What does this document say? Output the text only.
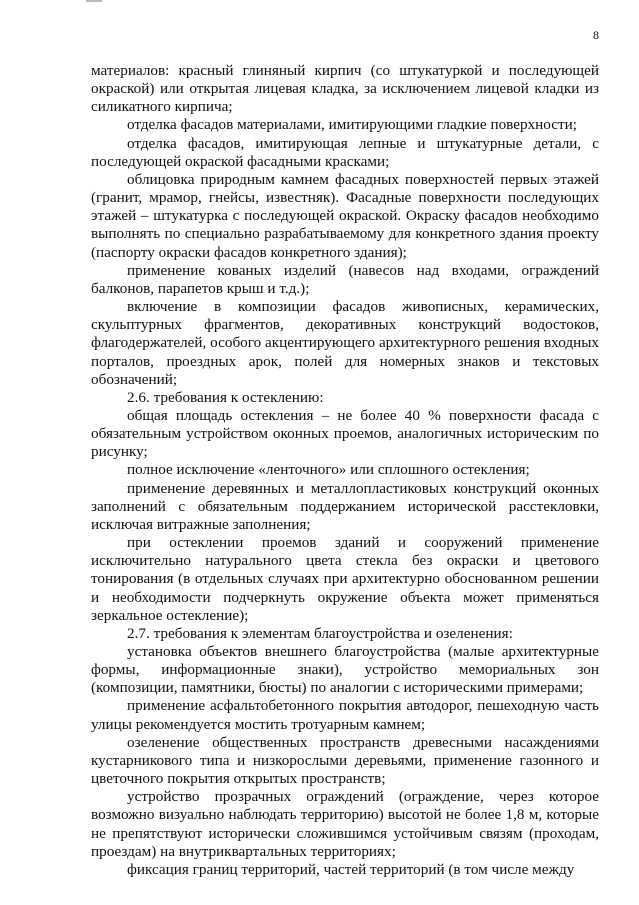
8

материалов: красный глиняный кирпич (со штукатуркой и последующей окраской) или открытая лицевая кладка, за исключением лицевой кладки из силикатного кирпича;

отделка фасадов материалами, имитирующими гладкие поверхности;

отделка фасадов, имитирующая лепные и штукатурные детали, с последующей окраской фасадными красками;

облицовка природным камнем фасадных поверхностей первых этажей (гранит, мрамор, гнейсы, известняк). Фасадные поверхности последующих этажей – штукатурка с последующей окраской. Окраску фасадов необходимо выполнять по специально разрабатываемому для конкретного здания проекту (паспорту окраски фасадов конкретного здания);

применение кованых изделий (навесов над входами, ограждений балконов, парапетов крыш и т.д.);

включение в композиции фасадов живописных, керамических, скульптурных фрагментов, декоративных конструкций водостоков, флагодержателей, особого акцентирующего архитектурного решения входных порталов, проездных арок, полей для номерных знаков и текстовых обозначений;

2.6. требования к остеклению:

общая площадь остекления – не более 40 % поверхности фасада с обязательным устройством оконных проемов, аналогичных историческим по рисунку;

полное исключение «ленточного» или сплошного остекления;

применение деревянных и металлопластиковых конструкций оконных заполнений с обязательным поддержанием исторической расстекловки, исключая витражные заполнения;

при остеклении проемов зданий и сооружений применение исключительно натурального цвета стекла без окраски и цветового тонирования (в отдельных случаях при архитектурно обоснованном решении и необходимости подчеркнуть окружение объекта может применяться зеркальное остекление);

2.7. требования к элементам благоустройства и озеленения:

установка объектов внешнего благоустройства (малые архитектурные формы, информационные знаки), устройство мемориальных зон (композиции, памятники, бюсты) по аналогии с историческими примерами;

применение асфальтобетонного покрытия автодорог, пешеходную часть улицы рекомендуется мостить тротуарным камнем;

озеленение общественных пространств древесными насаждениями кустарникового типа и низкорослыми деревьями, применение газонного и цветочного покрытия открытых пространств;

устройство прозрачных ограждений (ограждение, через которое возможно визуально наблюдать территорию) высотой не более 1,8 м, которые не препятствуют исторически сложившимся устойчивым связям (проходам, проездам) на внутриквартальных территориях;

фиксация границ территорий, частей территорий (в том числе между
